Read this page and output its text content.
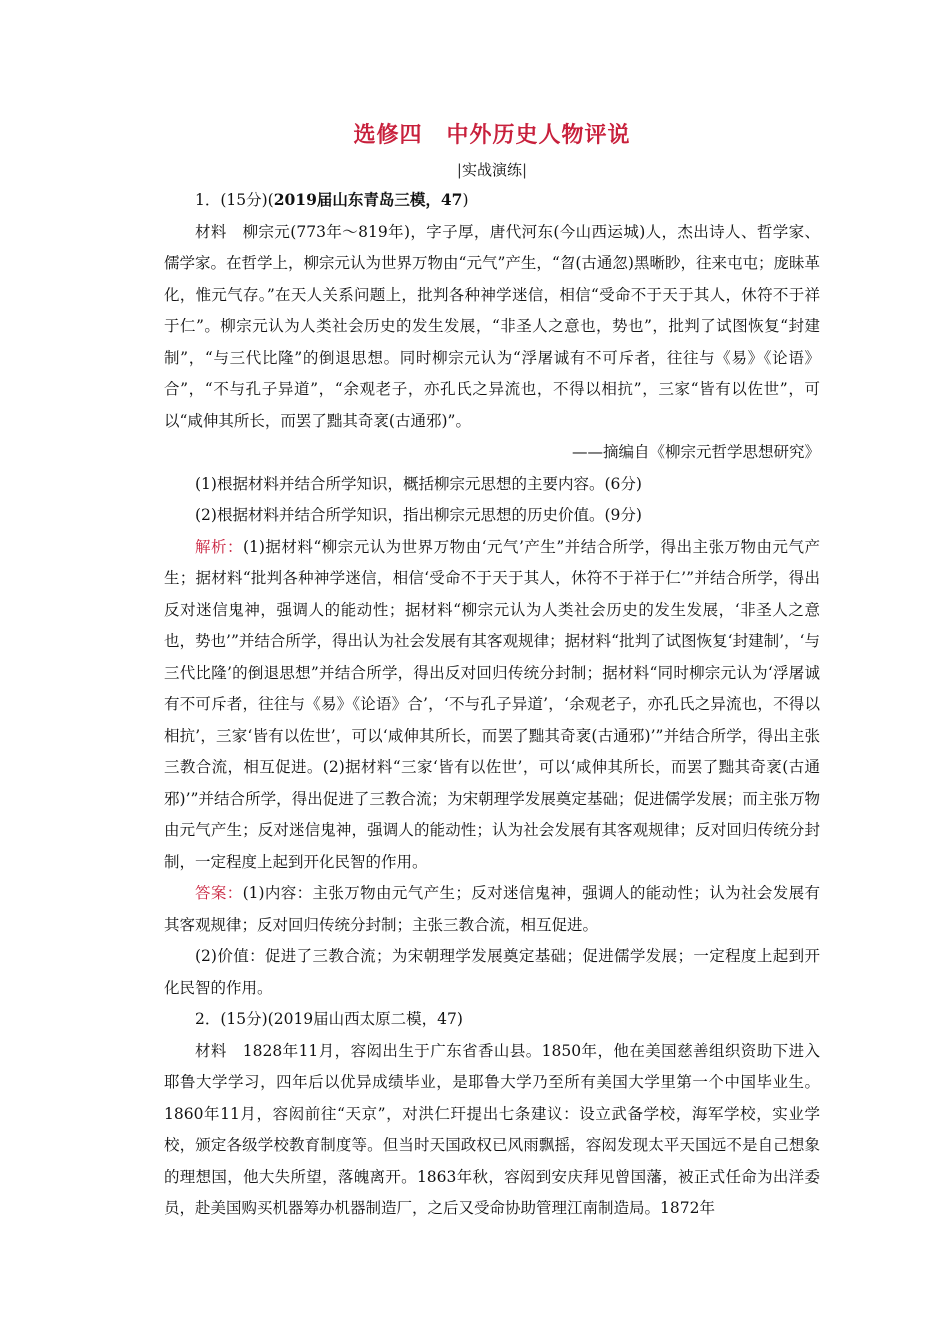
选修四 中外历史人物评说
|实战演练|

1．(15分)(2019届山东青岛三模，47)

材料　柳宗元(773年～819年)，字子厚，唐代河东(今山西运城)人，杰出诗人、哲学家、儒学家。在哲学上，柳宗元认为世界万物由“元气”产生，“曶(古通忽)黑晰眇，往来屯屯；庞昧革化，惟元气存。”在天人关系问题上，批判各种神学迷信，相信“受命不于天于其人，休符不于祥于仁”。柳宗元认为人类社会历史的发生发展，“非圣人之意也，势也”，批判了试图恢复“封建制”，“与三代比隆”的倒退思想。同时柳宗元认为“浮屠诚有不可斥者，往往与《易》《论语》合”，“不与孔子异道”，“余观老子，亦孔氏之异流也，不得以相抗”，三家“皆有以佐世”，可以“咸伸其所长，而罢了黜其奇衺(古通邪)”。

——摘编自《柳宗元哲学思想研究》

(1)根据材料并结合所学知识，概括柳宗元思想的主要内容。(6分)

(2)根据材料并结合所学知识，指出柳宗元思想的历史价值。(9分)

解析：(1)据材料“柳宗元认为世界万物由‘元气’产生”并结合所学，得出主张万物由元气产生；据材料“批判各种神学迷信，相信‘受命不于天于其人，休符不于祥于仁’”并结合所学，得出反对迷信鬼神，强调人的能动性；据材料“柳宗元认为人类社会历史的发生发展，‘非圣人之意也，势也’”并结合所学，得出认为社会发展有其客观规律；据材料“批判了试图恢复‘封建制’，‘与三代比隆’的倒退思想”并结合所学，得出反对回归传统分封制；据材料“同时柳宗元认为‘浮屠诚有不可斥者，往往与《易》《论语》合’，‘不与孔子异道’，‘余观老子，亦孔氏之异流也，不得以相抗’，三家‘皆有以佐世’，可以‘咸伸其所长，而罢了黜其奇衺(古通邪)’”并结合所学，得出主张三教合流，相互促进。(2)据材料“三家‘皆有以佐世’，可以‘咸伸其所长，而罢了黜其奇衺(古通邪)’”并结合所学，得出促进了三教合流；为宋朝理学发展奠定基础；促进儒学发展；而主张万物由元气产生；反对迷信鬼神，强调人的能动性；认为社会发展有其客观规律；反对回归传统分封制，一定程度上起到开化民智的作用。

答案：(1)内容：主张万物由元气产生；反对迷信鬼神，强调人的能动性；认为社会发展有其客观规律；反对回归传统分封制；主张三教合流，相互促进。

(2)价值：促进了三教合流；为宋朝理学发展奠定基础；促进儒学发展；一定程度上起到开化民智的作用。

2．(15分)(2019届山西太原二模，47)

材料　1828年11月，容闳出生于广东省香山县。1850年，他在美国慈善组织资助下进入耶鲁大学学习，四年后以优异成绩毕业，是耶鲁大学乃至所有美国大学里第一个中国毕业生。1860年11月，容闳前往“天京”，对洪仁玕提出七条建议：设立武备学校，海军学校，实业学校，颁定各级学校教育制度等。但当时天国政权已风雨飘摇，容闳发现太平天国远不是自己想象的理想国，他大失所望，落魄离开。1863年秋，容闳到安庆拜见曾国藩，被正式任命为出洋委员，赴美国购买机器筹办机器制造厂，之后又受命协助管理江南制造局。1872年
